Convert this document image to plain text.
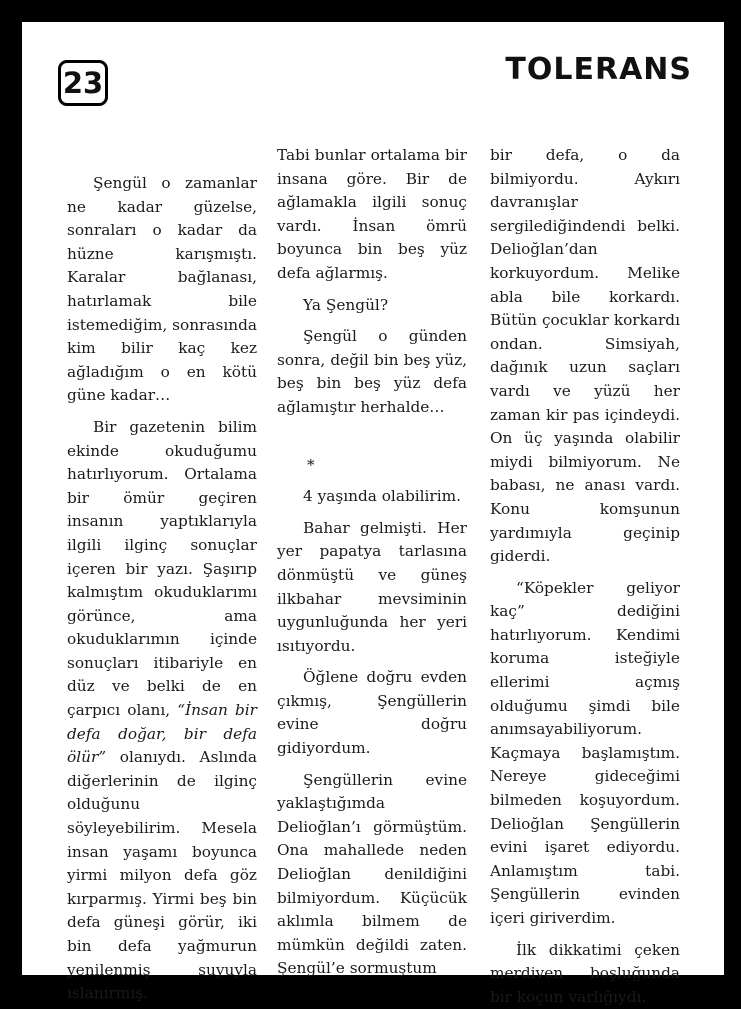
23	TOLERANS

Şengül o zamanlar ne kadar güzelse, sonraları o kadar da hüzne karışmıştı. Karalar bağlanası, hatırlamak bile istemediğim, sonrasında kim bilir kaç kez ağladığım o en kötü güne kadar…

Bir gazetenin bilim ekinde okuduğumu hatırlıyorum. Ortalama bir ömür geçiren insanın yaptıklarıyla ilgili ilginç sonuçlar içeren bir yazı. Şaşırıp kalmıştım okuduklarımı görünce, ama okuduklarımın içinde sonuçları itibariyle en düz ve belki de en çarpıcı olanı, “İnsan bir defa doğar, bir defa ölür” olanıydı. Aslında diğerlerinin de ilginç olduğunu söyleyebilirim. Mesela insan yaşamı boyunca yirmi milyon defa göz kırparmış. Yirmi beş bin defa güneşi görür, iki bin defa yağmurun yenilenmiş suyuyla ıslanırmış.

Tabi bunlar ortalama bir insana göre. Bir de ağlamakla ilgili sonuç vardı. İnsan ömrü boyunca bin beş yüz defa ağlarmış.

Ya Şengül?

Şengül o günden sonra, değil bin beş yüz, beş bin beş yüz defa ağlamıştır herhalde…

*

4 yaşında olabilirim.

Bahar gelmişti. Her yer papatya tarlasına dönmüştü ve güneş ilkbahar mevsiminin uygunluğunda her yeri ısıtıyordu.

Öğlene doğru evden çıkmış, Şengüllerin evine doğru gidiyordum.

Şengüllerin evine yaklaştığımda Delioğlan’ı görmüştüm. Ona mahallede neden Delioğlan denildiğini bilmiyordum. Küçücük aklımla bilmem de mümkün değildi zaten. Şengül’e sormuştum

bir defa, o da bilmiyordu. Aykırı davranışlar sergilediğindendi belki. Delioğlan’dan korkuyordum. Melike abla bile korkardı. Bütün çocuklar korkardı ondan. Simsiyah, dağınık uzun saçları vardı ve yüzü her zaman kir pas içindeydi. On üç yaşında olabilir miydi bilmiyorum. Ne babası, ne anası vardı. Konu komşunun yardımıyla geçinip giderdi.

“Köpekler geliyor kaç” dediğini hatırlıyorum. Kendimi koruma isteğiyle ellerimi açmış olduğumu şimdi bile anımsayabiliyorum. Kaçmaya başlamıştım. Nereye gideceğimi bilmeden koşuyordum. Delioğlan Şengüllerin evini işaret ediyordu. Anlamıştım tabi. Şengüllerin evinden içeri giriverdim.

İlk dikkatimi çeken merdiven boşluğunda bir koçun varlığıydı.
